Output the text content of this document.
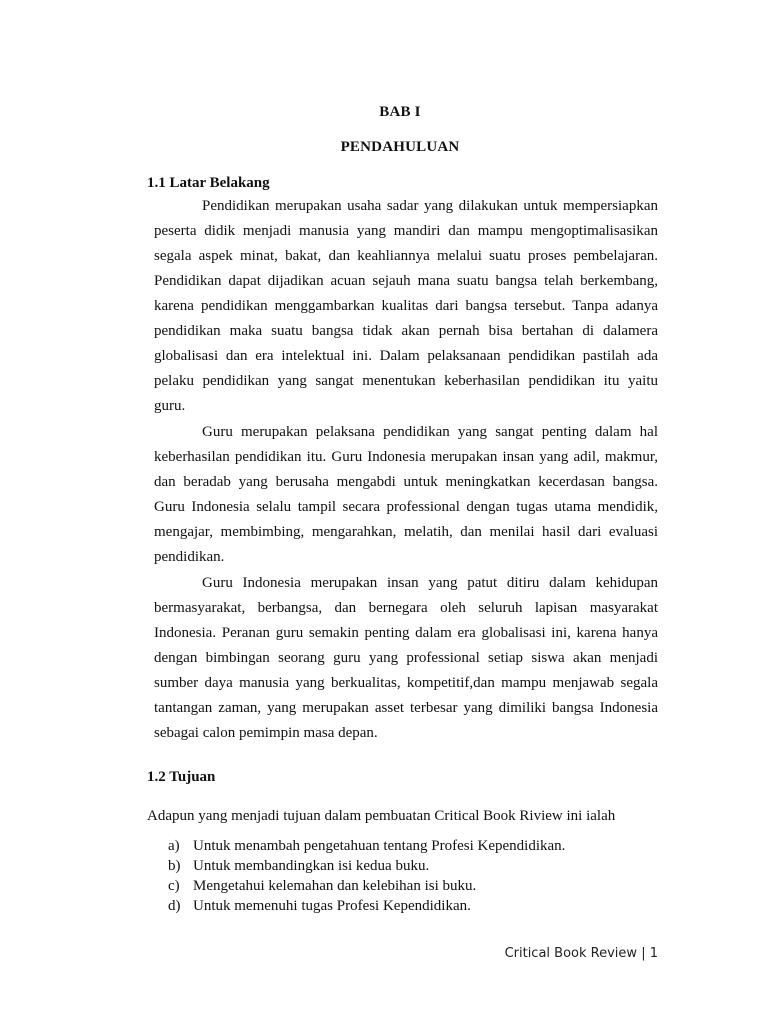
BAB I
PENDAHULUAN
1.1 Latar Belakang
Pendidikan merupakan usaha sadar yang dilakukan untuk mempersiapkan
peserta didik menjadi manusia yang mandiri dan mampu mengoptimalisasikan
segala aspek minat, bakat, dan keahliannya melalui suatu proses pembelajaran.
Pendidikan dapat dijadikan acuan sejauh mana suatu bangsa telah berkembang,
karena pendidikan menggambarkan kualitas dari bangsa tersebut. Tanpa adanya
pendidikan maka suatu bangsa tidak akan pernah bisa bertahan di dalamera
globalisasi dan era intelektual ini. Dalam pelaksanaan pendidikan pastilah ada
pelaku pendidikan yang sangat menentukan keberhasilan pendidikan itu yaitu
guru.
Guru merupakan pelaksana pendidikan yang sangat penting dalam hal
keberhasilan pendidikan itu. Guru Indonesia merupakan insan yang adil, makmur,
dan beradab yang berusaha mengabdi untuk meningkatkan kecerdasan bangsa.
Guru Indonesia selalu tampil secara professional dengan tugas utama mendidik,
mengajar, membimbing, mengarahkan, melatih, dan menilai hasil dari evaluasi
pendidikan.
Guru Indonesia merupakan insan yang patut ditiru dalam kehidupan
bermasyarakat, berbangsa, dan bernegara oleh seluruh lapisan masyarakat
Indonesia. Peranan guru semakin penting dalam era globalisasi ini, karena hanya
dengan bimbingan seorang guru yang professional setiap siswa akan menjadi
sumber daya manusia yang berkualitas, kompetitif,dan mampu menjawab segala
tantangan zaman, yang merupakan asset terbesar yang dimiliki bangsa Indonesia
sebagai calon pemimpin masa depan.
1.2 Tujuan
Adapun yang menjadi tujuan dalam pembuatan Critical Book Riview ini ialah
a) Untuk menambah pengetahuan tentang Profesi Kependidikan.
b) Untuk membandingkan isi kedua buku.
c) Mengetahui kelemahan dan kelebihan isi buku.
d) Untuk memenuhi tugas Profesi Kependidikan.
Critical Book Review | 1
